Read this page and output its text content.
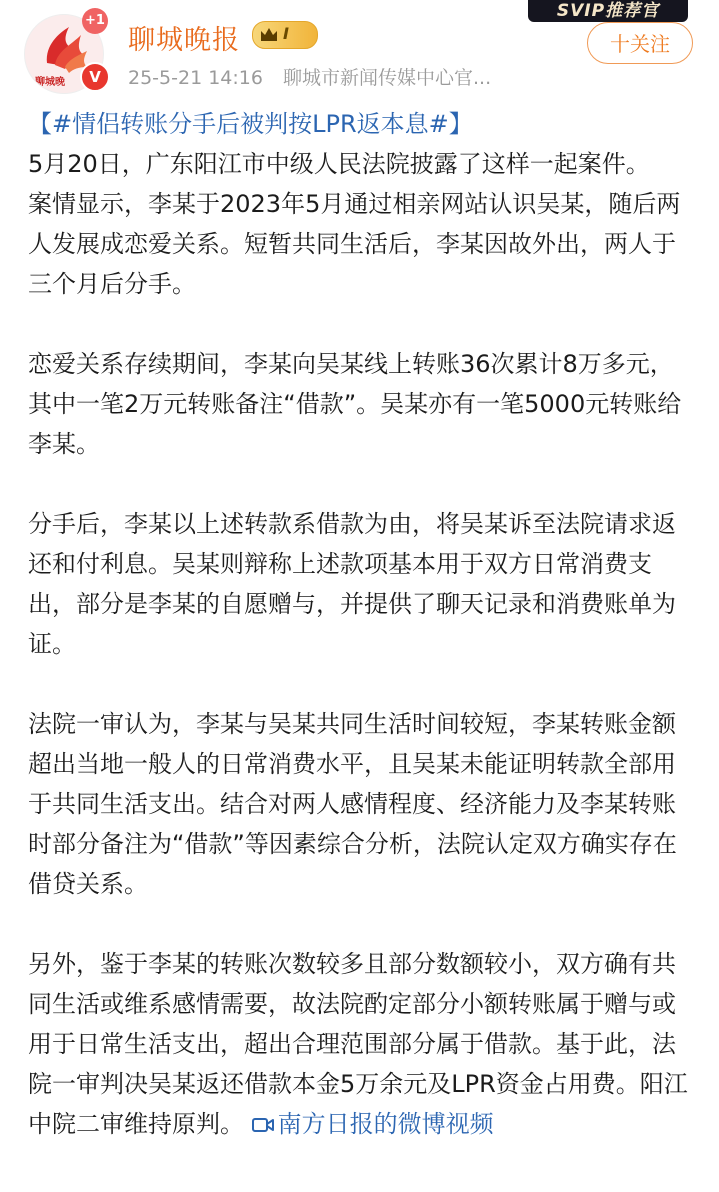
聊城晚
+1
V
聊城晚报	I
25-5-21 14:16 聊城市新闻传媒中心官...
SVIP推荐官
十关注

【#情侣转账分手后被判按LPR返本息#】

5月20日，广东阳江市中级人民法院披露了这样一起案件。

案情显示，李某于2023年5月通过相亲网站认识吴某，随后两人发展成恋爱关系。短暂共同生活后，李某因故外出，两人于三个月后分手。

恋爱关系存续期间，李某向吴某线上转账36次累计8万多元，其中一笔2万元转账备注“借款”。吴某亦有一笔5000元转账给李某。

分手后，李某以上述转款系借款为由，将吴某诉至法院请求返还和付利息。吴某则辩称上述款项基本用于双方日常消费支出，部分是李某的自愿赠与，并提供了聊天记录和消费账单为证。

法院一审认为，李某与吴某共同生活时间较短，李某转账金额超出当地一般人的日常消费水平，且吴某未能证明转款全部用于共同生活支出。结合对两人感情程度、经济能力及李某转账时部分备注为“借款”等因素综合分析，法院认定双方确实存在借贷关系。

另外，鉴于李某的转账次数较多且部分数额较小，双方确有共同生活或维系感情需要，故法院酌定部分小额转账属于赠与或用于日常生活支出，超出合理范围部分属于借款。基于此，法院一审判决吴某返还借款本金5万余元及LPR资金占用费。阳江中院二审维持原判。 南方日报的微博视频
